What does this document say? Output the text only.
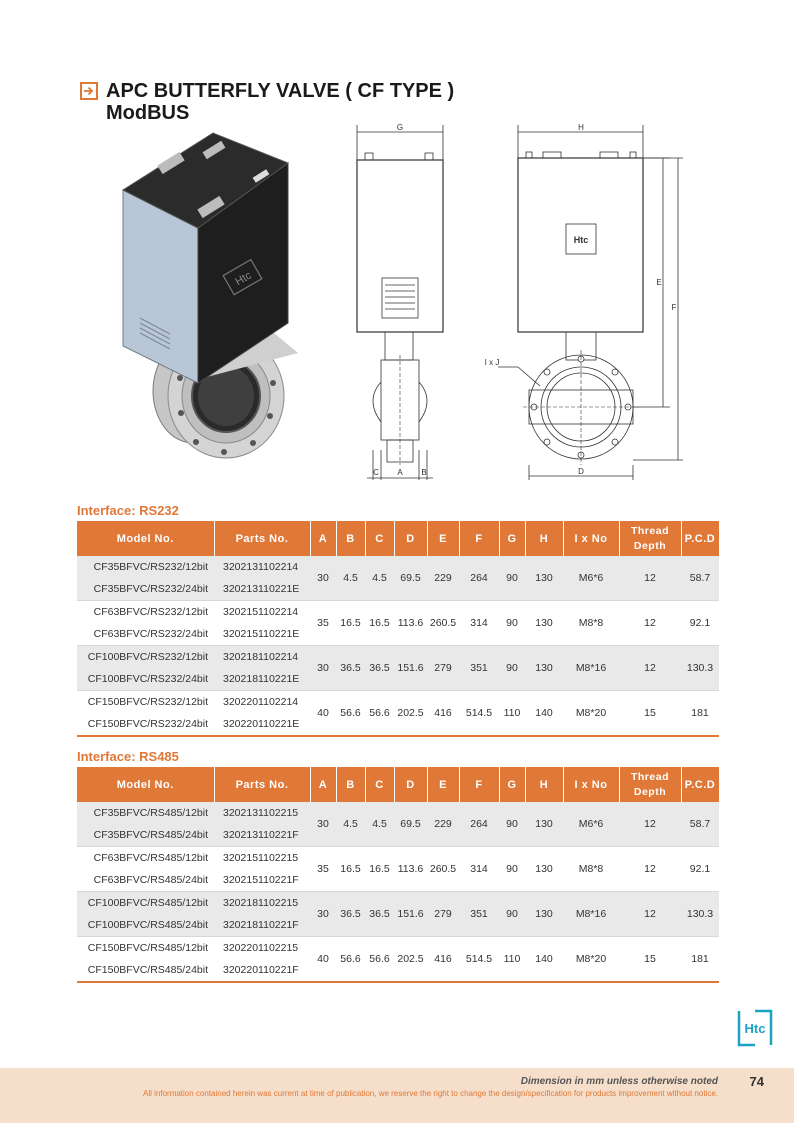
APC BUTTERFLY VALVE ( CF TYPE )
ModBUS
Htc
G
C A B
H
Htc
E
F
D
I x J
Interface: RS232
Model No.	Parts No.	A	B	C	D	E	F	G	H	I x No	Thread Depth	P.C.D
CF35BFVC/RS232/12bit	3202131102214	30	4.5	4.5	69.5	229	264	90	130	M6*6	12	58.7
CF35BFVC/RS232/24bit	320213110221E											
CF63BFVC/RS232/12bit	3202151102214	35	16.5	16.5	113.6	260.5	314	90	130	M8*8	12	92.1
CF63BFVC/RS232/24bit	320215110221E											
CF100BFVC/RS232/12bit	3202181102214	30	36.5	36.5	151.6	279	351	90	130	M8*16	12	130.3
CF100BFVC/RS232/24bit	320218110221E											
CF150BFVC/RS232/12bit	3202201102214	40	56.6	56.6	202.5	416	514.5	110	140	M8*20	15	181
CF150BFVC/RS232/24bit	320220110221E											
Interface: RS485
Model No.	Parts No.	A	B	C	D	E	F	G	H	I x No	Thread Depth	P.C.D
CF35BFVC/RS485/12bit	3202131102215	30	4.5	4.5	69.5	229	264	90	130	M6*6	12	58.7
CF35BFVC/RS485/24bit	320213110221F											
CF63BFVC/RS485/12bit	3202151102215	35	16.5	16.5	113.6	260.5	314	90	130	M8*8	12	92.1
CF63BFVC/RS485/24bit	320215110221F											
CF100BFVC/RS485/12bit	3202181102215	30	36.5	36.5	151.6	279	351	90	130	M8*16	12	130.3
CF100BFVC/RS485/24bit	320218110221F											
CF150BFVC/RS485/12bit	3202201102215	40	56.6	56.6	202.5	416	514.5	110	140	M8*20	15	181
CF150BFVC/RS485/24bit	320220110221F											
Htc
Dimension in mm unless otherwise noted 74
All information contained herein was current at time of publication, we reserve the right to change the design/specification for products improvement without notice.
